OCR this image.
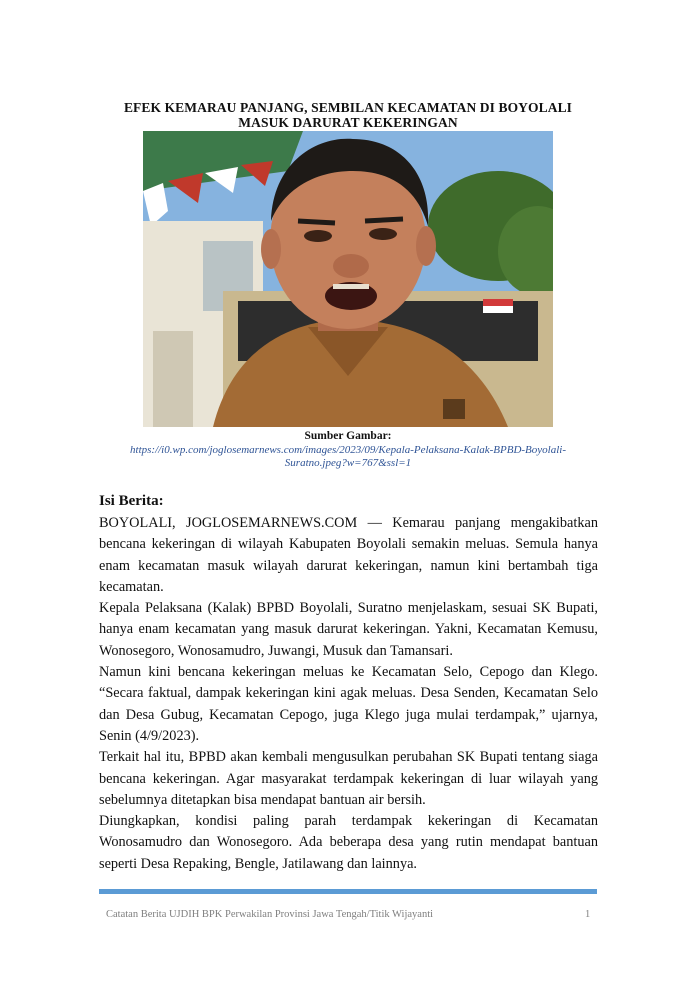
EFEK KEMARAU PANJANG, SEMBILAN KECAMATAN DI BOYOLALI
MASUK DARURAT KEKERINGAN
Sumber Gambar:
https://i0.wp.com/joglosemarnews.com/images/2023/09/Kepala-Pelaksana-Kalak-BPBD-Boyolali-
Suratno.jpeg?w=767&ssl=1
Isi Berita:

BOYOLALI, JOGLOSEMARNEWS.COM — Kemarau panjang mengakibatkan bencana kekeringan di wilayah Kabupaten Boyolali semakin meluas. Semula hanya enam kecamatan masuk wilayah darurat kekeringan, namun kini bertambah tiga kecamatan.

Kepala Pelaksana (Kalak) BPBD Boyolali, Suratno menjelaskam, sesuai SK Bupati, hanya enam kecamatan yang masuk darurat kekeringan. Yakni, Kecamatan Kemusu, Wonosegoro, Wonosamudro, Juwangi, Musuk dan Tamansari.

Namun kini bencana kekeringan meluas ke Kecamatan Selo, Cepogo dan Klego. “Secara faktual, dampak kekeringan kini agak meluas. Desa Senden, Kecamatan Selo dan Desa Gubug, Kecamatan Cepogo, juga Klego juga mulai terdampak,” ujarnya, Senin (4/9/2023).

Terkait hal itu, BPBD akan kembali mengusulkan perubahan SK Bupati tentang siaga bencana kekeringan. Agar masyarakat terdampak kekeringan di luar wilayah yang sebelumnya ditetapkan bisa mendapat bantuan air bersih.

Diungkapkan, kondisi paling parah terdampak kekeringan di Kecamatan Wonosamudro dan Wonosegoro. Ada beberapa desa yang rutin mendapat bantuan seperti Desa Repaking, Bengle, Jatilawang dan lainnya.

Catatan Berita UJDIH BPK Perwakilan Provinsi Jawa Tengah/Titik Wijayanti	1
